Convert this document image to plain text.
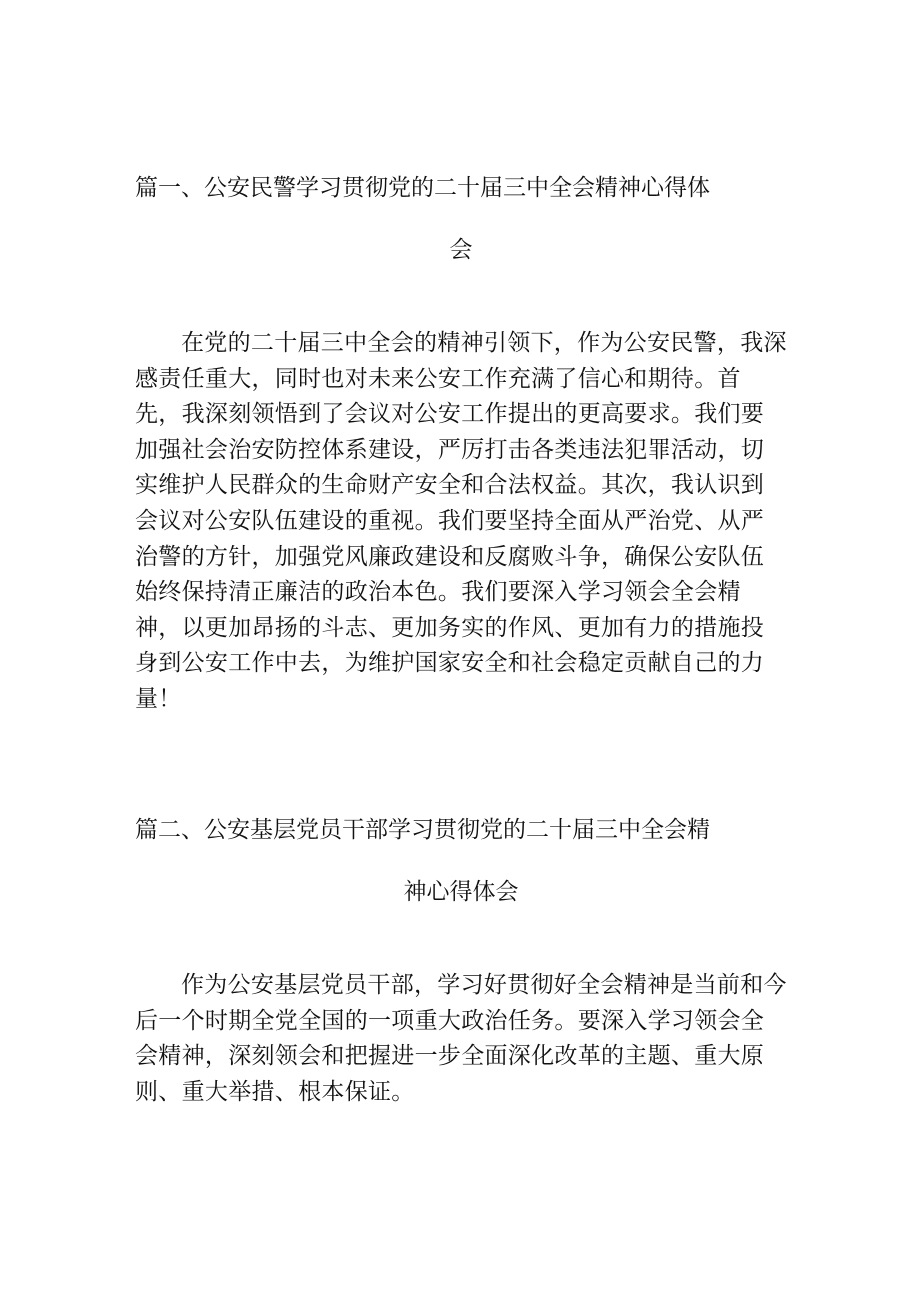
篇一、公安民警学习贯彻党的二十届三中全会精神心得体
会
在党的二十届三中全会的精神引领下，作为公安民警，我深感责任重大，同时也对未来公安工作充满了信心和期待。首先，我深刻领悟到了会议对公安工作提出的更高要求。我们要加强社会治安防控体系建设，严厉打击各类违法犯罪活动，切实维护人民群众的生命财产安全和合法权益。其次，我认识到会议对公安队伍建设的重视。我们要坚持全面从严治党、从严治警的方针，加强党风廉政建设和反腐败斗争，确保公安队伍始终保持清正廉洁的政治本色。我们要深入学习领会全会精神，以更加昂扬的斗志、更加务实的作风、更加有力的措施投身到公安工作中去，为维护国家安全和社会稳定贡献自己的力量！
篇二、公安基层党员干部学习贯彻党的二十届三中全会精
神心得体会
作为公安基层党员干部，学习好贯彻好全会精神是当前和今后一个时期全党全国的一项重大政治任务。要深入学习领会全会精神，深刻领会和把握进一步全面深化改革的主题、重大原则、重大举措、根本保证。
